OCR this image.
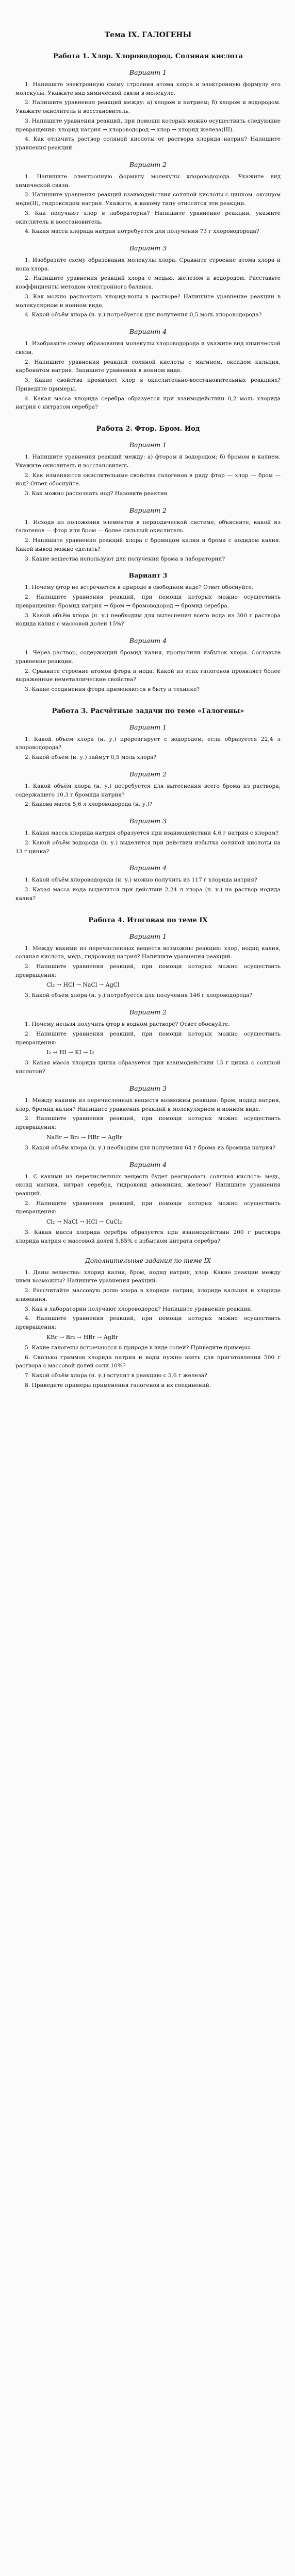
Тема IX. ГАЛОГЕНЫ
Работа 1. Хлор. Хлороводород. Соляная кислота
Вариант 1

1. Напишите электронную схему строения атома хлора и электронную формулу его молекулы. Укажите вид химической связи в молекуле.

2. Напишите уравнения реакций между: а) хлором и натрием; б) хлором и водородом. Укажите окислитель и восстановитель.

3. Напишите уравнения реакций, при помощи которых можно осуществить следующие превращения: хлорид натрия → хлороводород → хлор → хлорид железа(III).

4. Как отличить раствор соляной кислоты от раствора хлорида натрия? Напишите уравнения реакций.

Вариант 2

1. Напишите электронную формулу молекулы хлороводорода. Укажите вид химической связи.

2. Напишите уравнения реакций взаимодействия соляной кислоты с цинком, оксидом меди(II), гидроксидом натрия. Укажите, к какому типу относятся эти реакции.

3. Как получают хлор в лаборатории? Напишите уравнение реакции, укажите окислитель и восстановитель.

4. Какая масса хлорида натрия потребуется для получения 73 г хлороводорода?

Вариант 3

1. Изобразите схему образования молекулы хлора. Сравните строение атома хлора и иона хлора.

2. Напишите уравнения реакций хлора с медью, железом и водородом. Расставьте коэффициенты методом электронного баланса.

3. Как можно распознать хлорид-ионы в растворе? Напишите уравнение реакции в молекулярном и ионном виде.

4. Какой объём хлора (н. у.) потребуется для получения 0,5 моль хлороводорода?

Вариант 4

1. Изобразите схему образования молекулы хлороводорода и укажите вид химической связи.

2. Напишите уравнения реакций соляной кислоты с магнием, оксидом кальция, карбонатом натрия. Запишите уравнения в ионном виде.

3. Какие свойства проявляет хлор в окислительно-восстановительных реакциях? Приведите примеры.

4. Какая масса хлорида серебра образуется при взаимодействии 0,2 моль хлорида натрия с нитратом серебра?

Работа 2. Фтор. Бром. Иод
Вариант 1

1. Напишите уравнения реакций между: а) фтором и водородом; б) бромом и калием. Укажите окислитель и восстановитель.

2. Как изменяются окислительные свойства галогенов в ряду фтор — хлор — бром — иод? Ответ обоснуйте.

3. Как можно распознать иод? Назовите реактив.

Вариант 2

1. Исходя из положения элементов в периодической системе, объясните, какой из галогенов — фтор или бром — более сильный окислитель.

2. Напишите уравнения реакций хлора с бромидом калия и брома с иодидом калия. Какой вывод можно сделать?

3. Какие вещества используют для получения брома в лаборатории?

Вариант 3

1. Почему фтор не встречается в природе в свободном виде? Ответ обоснуйте.

2. Напишите уравнения реакций, при помощи которых можно осуществить превращения: бромид натрия → бром → бромоводород → бромид серебра.

3. Какой объём хлора (н. у.) необходим для вытеснения всего иода из 300 г раствора иодида калия с массовой долей 15%?

Вариант 4

1. Через раствор, содержащий бромид калия, пропустили избыток хлора. Составьте уравнение реакции.

2. Сравните строение атомов фтора и иода. Какой из этих галогенов проявляет более выраженные неметаллические свойства?

3. Какие соединения фтора применяются в быту и технике?

Работа 3. Расчётные задачи по теме «Галогены»
Вариант 1

1. Какой объём хлора (н. у.) прореагирует с водородом, если образуется 22,4 л хлороводорода?

2. Какой объём (н. у.) займут 0,5 моль хлора?

Вариант 2

1. Какой объём хлора (н. у.) потребуется для вытеснения всего брома из раствора, содержащего 10,3 г бромида натрия?

2. Какова масса 5,6 л хлороводорода (н. у.)?

Вариант 3

1. Какая масса хлорида натрия образуется при взаимодействии 4,6 г натрия с хлором?

2. Какой объём водорода (н. у.) выделится при действии избытка соляной кислоты на 13 г цинка?

Вариант 4

1. Какой объём хлороводорода (н. у.) можно получить из 117 г хлорида натрия?

2. Какая масса иода выделится при действии 2,24 л хлора (н. у.) на раствор иодида калия?

Работа 4. Итоговая по теме IX
Вариант 1

1. Между какими из перечисленных веществ возможны реакции: хлор, иодид калия, соляная кислота, медь, гидроксид натрия? Напишите уравнения реакций.

2. Напишите уравнения реакций, при помощи которых можно осуществить превращения:

Cl₂ → HCl → NaCl → AgCl

3. Какой объём хлора (н. у.) потребуется для получения 146 г хлороводорода?

Вариант 2

1. Почему нельзя получить фтор в водном растворе? Ответ обоснуйте.

2. Напишите уравнения реакций, при помощи которых можно осуществить превращения:

I₂ → HI → KI → I₂

3. Какая масса хлорида цинка образуется при взаимодействии 13 г цинка с соляной кислотой?

Вариант 3

1. Между какими из перечисленных веществ возможны реакции: бром, иодид натрия, хлор, бромид калия? Напишите уравнения реакций в молекулярном и ионном виде.

2. Напишите уравнения реакций, при помощи которых можно осуществить превращения:

NaBr → Br₂ → HBr → AgBr

3. Какой объём хлора (н. у.) необходим для получения 64 г брома из бромида натрия?

Вариант 4

1. С какими из перечисленных веществ будет реагировать соляная кислота: медь, оксид магния, нитрат серебра, гидроксид алюминия, железо? Напишите уравнения реакций.

2. Напишите уравнения реакций, при помощи которых можно осуществить превращения:

Cl₂ → NaCl → HCl → CuCl₂

3. Какая масса хлорида серебра образуется при взаимодействии 200 г раствора хлорида натрия с массовой долей 5,85% с избытком нитрата серебра?

Дополнительные задания по теме IX

1. Даны вещества: хлорид калия, бром, иодид натрия, хлор. Какие реакции между ними возможны? Напишите уравнения реакций.

2. Рассчитайте массовую долю хлора в хлориде натрия, хлориде кальция и хлориде алюминия.

3. Как в лаборатории получают хлороводород? Напишите уравнение реакции.

4. Напишите уравнения реакций, при помощи которых можно осуществить превращения:

KBr → Br₂ → HBr → AgBr

5. Какие галогены встречаются в природе в виде солей? Приведите примеры.

6. Сколько граммов хлорида натрия и воды нужно взять для приготовления 500 г раствора с массовой долей соли 10%?

7. Какой объём хлора (н. у.) вступит в реакцию с 5,6 г железа?

8. Приведите примеры применения галогенов и их соединений.
